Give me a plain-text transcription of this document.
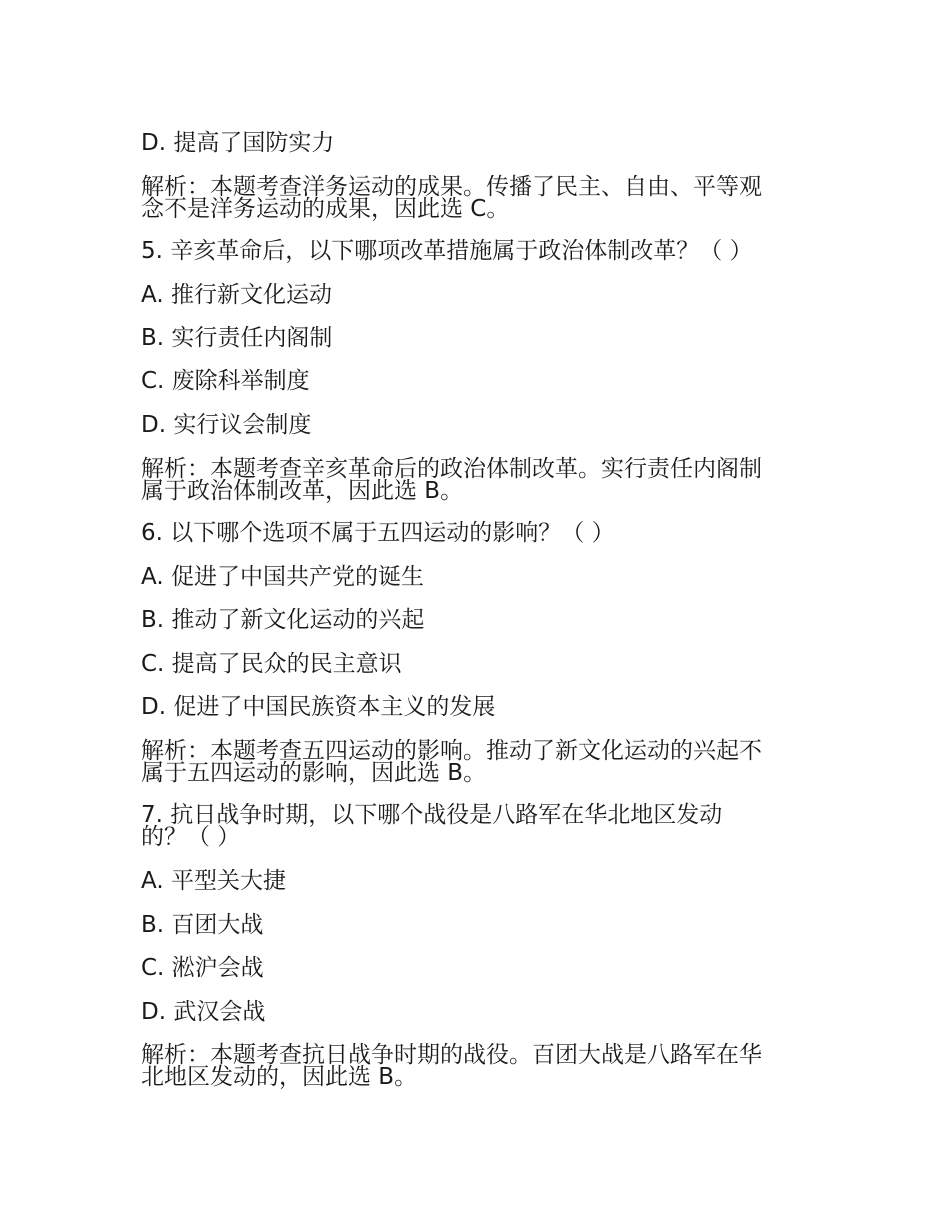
D. 提高了国防实力
解析：本题考查洋务运动的成果。传播了民主、自由、平等观
念不是洋务运动的成果，因此选 C。
5. 辛亥革命后，以下哪项改革措施属于政治体制改革？（ ）
A. 推行新文化运动
B. 实行责任内阁制
C. 废除科举制度
D. 实行议会制度
解析：本题考查辛亥革命后的政治体制改革。实行责任内阁制
属于政治体制改革，因此选 B。
6. 以下哪个选项不属于五四运动的影响？（ ）
A. 促进了中国共产党的诞生
B. 推动了新文化运动的兴起
C. 提高了民众的民主意识
D. 促进了中国民族资本主义的发展
解析：本题考查五四运动的影响。推动了新文化运动的兴起不
属于五四运动的影响，因此选 B。
7. 抗日战争时期，以下哪个战役是八路军在华北地区发动
的？（ ）
A. 平型关大捷
B. 百团大战
C. 淞沪会战
D. 武汉会战
解析：本题考查抗日战争时期的战役。百团大战是八路军在华
北地区发动的，因此选 B。
